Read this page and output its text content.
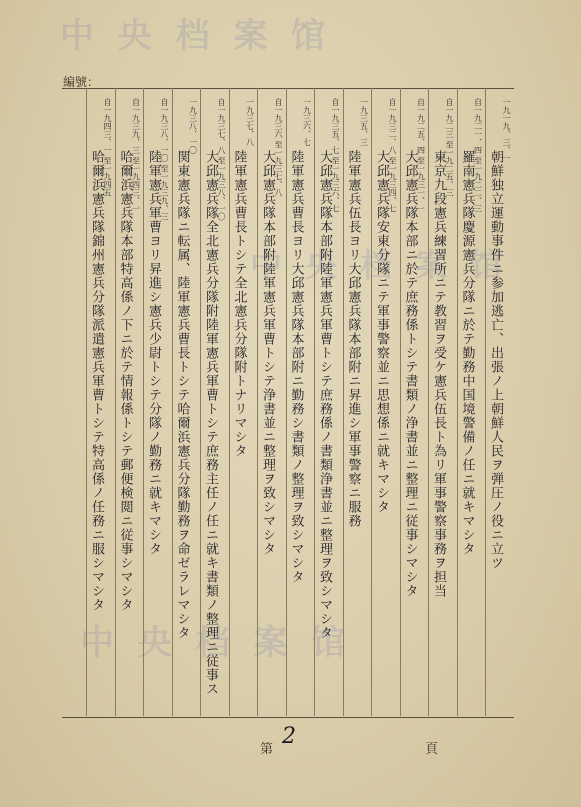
中 央 档 案 馆
中 央 档 案 馆
中 央 档 案 馆
編號：
一九一九、三、一
朝鮮独立運動事件ニ参加逃亡、出張ノ上朝鮮人民ヲ弾圧ノ役ニ立ツ
自一九二一、四 至一九二二、三
羅南憲兵隊慶源憲兵分隊ニ於テ勤務中国境警備ノ任ニ就キマシタ
自一九二三 至一九二五、三
東京九段憲兵練習所ニテ教習ヲ受ケ憲兵伍長ト為リ軍事警察事務ヲ担当
自一九二五、四 至一九三一、一
大邱憲兵隊本部ニ於テ庶務係トシテ書類ノ浄書並ニ整理ニ従事シマシタ
自一九三二、八 至一九三四、七
大邱憲兵隊安東分隊ニテ軍事警察並ニ思想係ニ就キマシタ
一九三五、三
陸軍憲兵伍長ヨリ大邱憲兵隊本部附ニ昇進シ軍事警察ニ服務
自一九三五、七 至一九三六、七
大邱憲兵隊本部附陸軍憲兵軍曹トシテ庶務係ノ書類浄書並ニ整理ヲ致シマシタ
一九三六、七
陸軍憲兵曹長ヨリ大邱憲兵隊本部附ニ勤務シ書類ノ整理ヲ致シマシタ
自一九三六 至一九三七、八
大邱憲兵隊本部附陸軍憲兵軍曹トシテ浄書並ニ整理ヲ致シマシタ
一九三七、八
陸軍憲兵曹長トシテ全北憲兵分隊附トナリマシタ
自一九三七、八 至一九三八、一〇
大邱憲兵隊全北憲兵分隊附陸軍憲兵軍曹トシテ庶務主任ノ任ニ就キ書類ノ整理ニ従事ス
一九三八、一〇
関東憲兵隊ニ転属、陸軍憲兵曹長トシテ哈爾浜憲兵分隊勤務ヲ命ゼラレマシタ
自一九三八、一〇 至一九三九、三
陸軍憲兵軍曹ヨリ昇進シ憲兵少尉トシテ分隊ノ勤務ニ就キマシタ
自一九三九、三 至一九四三、一
哈爾浜憲兵隊本部特高係ノ下ニ於テ情報係トシテ郵便検閲ニ従事シマシタ
自一九四三、一 至一九四五
哈爾浜憲兵隊錦州憲兵分隊派遣憲兵軍曹トシテ特高係ノ任務ニ服シマシタ
第
2
頁
